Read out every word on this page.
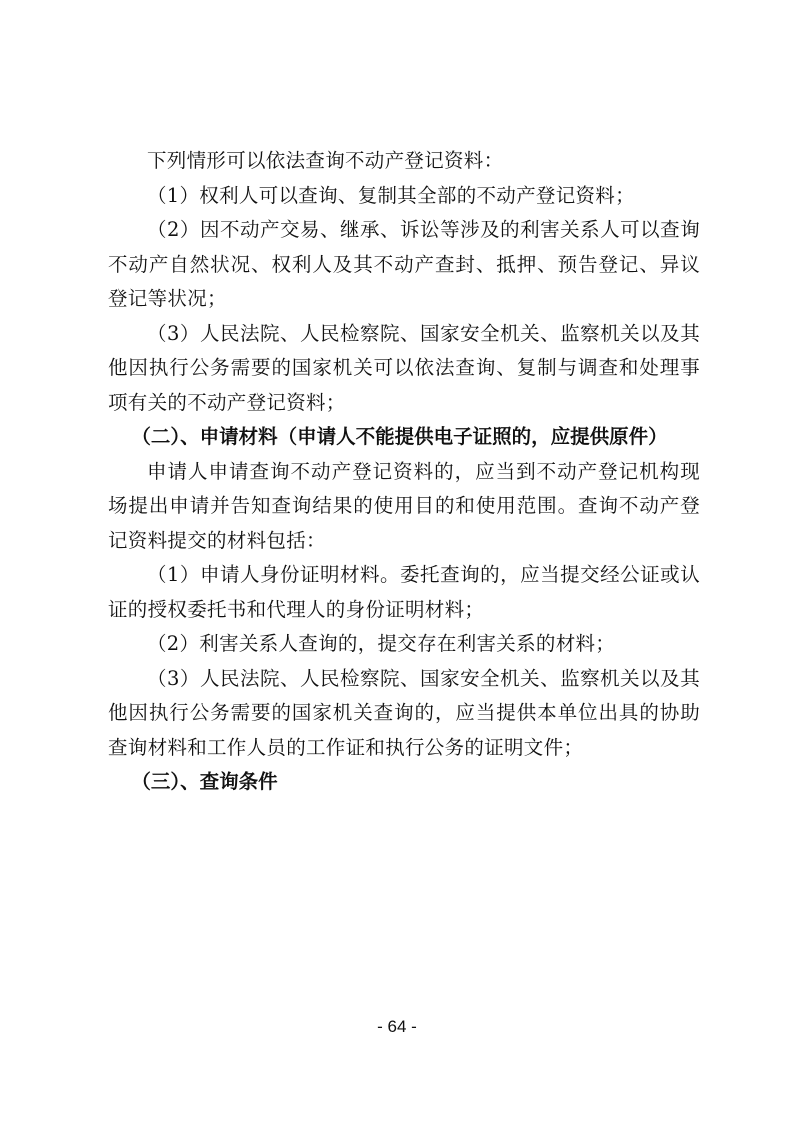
下列情形可以依法查询不动产登记资料：

（1）权利人可以查询、复制其全部的不动产登记资料；

（2）因不动产交易、继承、诉讼等涉及的利害关系人可以查询不动产自然状况、权利人及其不动产查封、抵押、预告登记、异议登记等状况；

（3）人民法院、人民检察院、国家安全机关、监察机关以及其他因执行公务需要的国家机关可以依法查询、复制与调查和处理事项有关的不动产登记资料；

（二）、申请材料（申请人不能提供电子证照的，应提供原件）

申请人申请查询不动产登记资料的，应当到不动产登记机构现场提出申请并告知查询结果的使用目的和使用范围。查询不动产登记资料提交的材料包括：

（1）申请人身份证明材料。委托查询的，应当提交经公证或认证的授权委托书和代理人的身份证明材料；

（2）利害关系人查询的，提交存在利害关系的材料；

（3）人民法院、人民检察院、国家安全机关、监察机关以及其他因执行公务需要的国家机关查询的，应当提供本单位出具的协助查询材料和工作人员的工作证和执行公务的证明文件；

（三）、查询条件

- 64 -
